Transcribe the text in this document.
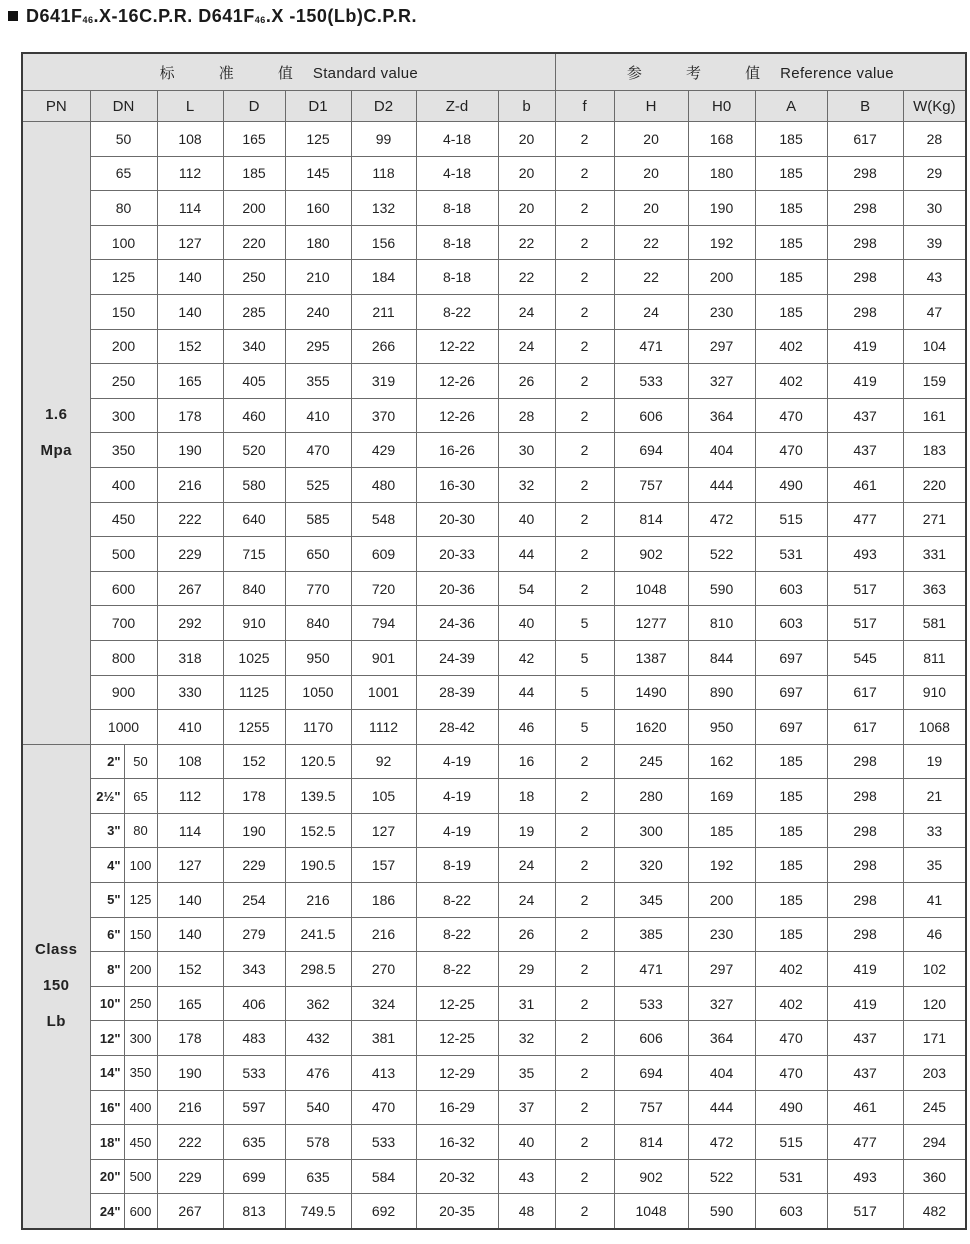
$D641F_{46}.X-16C.P.R$. $D641F_{46}.X$ -150(Lb)C.P.R.
标 准 值Standard value									参 考 值Reference value					
PN	DN		L	D	D1	D2	Z-d	b	f	H	H0	A	B	W(Kg)

1.6
Mpa	50		108	165	125	99	4-18	20	2	20	168	185	617	28
	65		112	185	145	118	4-18	20	2	20	180	185	298	29
	80		114	200	160	132	8-18	20	2	20	190	185	298	30
	100		127	220	180	156	8-18	22	2	22	192	185	298	39
	125		140	250	210	184	8-18	22	2	22	200	185	298	43
	150		140	285	240	211	8-22	24	2	24	230	185	298	47
	200		152	340	295	266	12-22	24	2	471	297	402	419	104
	250		165	405	355	319	12-26	26	2	533	327	402	419	159
	300		178	460	410	370	12-26	28	2	606	364	470	437	161
	350		190	520	470	429	16-26	30	2	694	404	470	437	183
	400		216	580	525	480	16-30	32	2	757	444	490	461	220
	450		222	640	585	548	20-30	40	2	814	472	515	477	271
	500		229	715	650	609	20-33	44	2	902	522	531	493	331
	600		267	840	770	720	20-36	54	2	1048	590	603	517	363
	700		292	910	840	794	24-36	40	5	1277	810	603	517	581
	800		318	1025	950	901	24-39	42	5	1387	844	697	545	811
	900		330	1125	1050	1001	28-39	44	5	1490	890	697	617	910
	1000		410	1255	1170	1112	28-42	46	5	1620	950	697	617	1068

Class
150
Lb	2"	50	108	152	120.5	92	4-19	16	2	245	162	185	298	19
	2½"	65	112	178	139.5	105	4-19	18	2	280	169	185	298	21
	3"	80	114	190	152.5	127	4-19	19	2	300	185	185	298	33
	4"	100	127	229	190.5	157	8-19	24	2	320	192	185	298	35
	5"	125	140	254	216	186	8-22	24	2	345	200	185	298	41
	6"	150	140	279	241.5	216	8-22	26	2	385	230	185	298	46
	8"	200	152	343	298.5	270	8-22	29	2	471	297	402	419	102
	10"	250	165	406	362	324	12-25	31	2	533	327	402	419	120
	12"	300	178	483	432	381	12-25	32	2	606	364	470	437	171
	14"	350	190	533	476	413	12-29	35	2	694	404	470	437	203
	16"	400	216	597	540	470	16-29	37	2	757	444	490	461	245
	18"	450	222	635	578	533	16-32	40	2	814	472	515	477	294
	20"	500	229	699	635	584	20-32	43	2	902	522	531	493	360
	24"	600	267	813	749.5	692	20-35	48	2	1048	590	603	517	482
